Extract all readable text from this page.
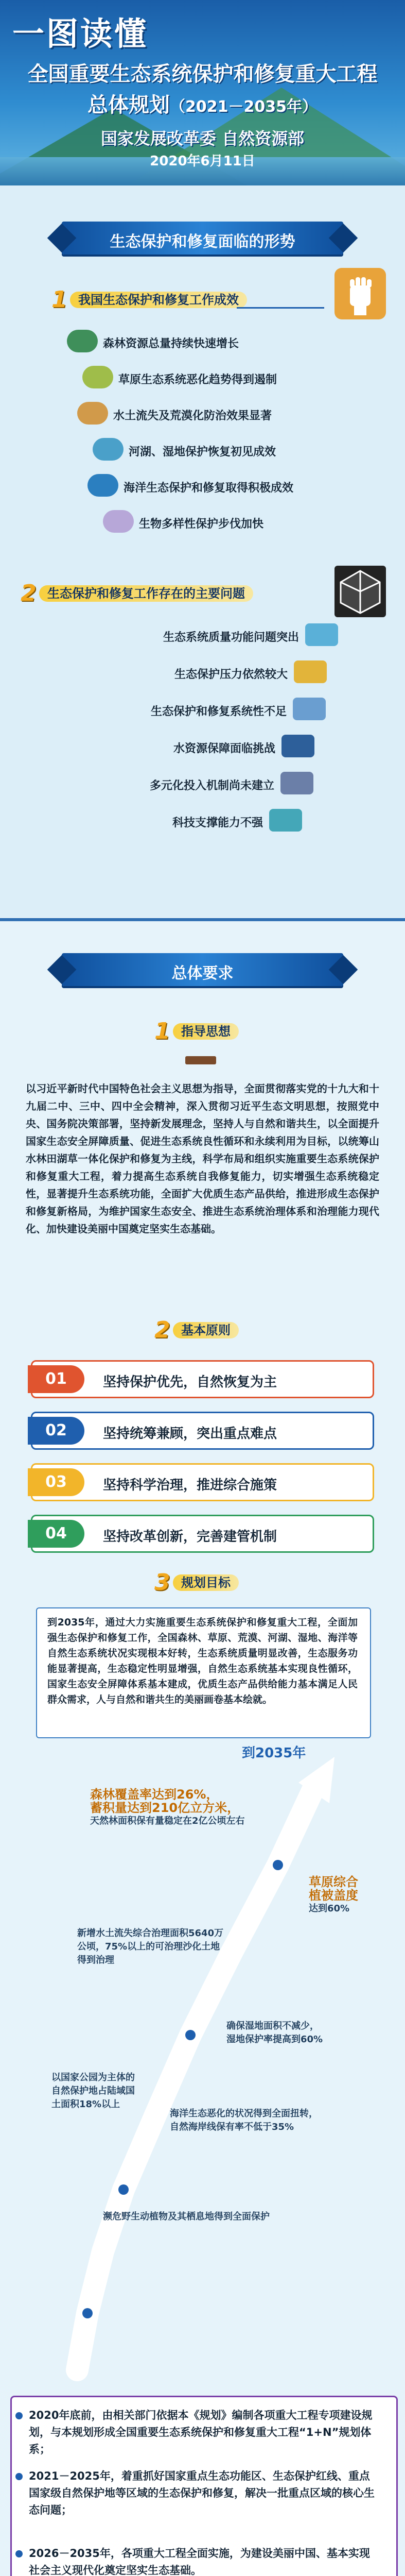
一图读懂
全国重要生态系统保护和修复重大工程
总体规划（2021－2035年）
国家发展改革委 自然资源部
2020年6月11日
生态保护和修复面临的形势
1 我国生态保护和修复工作成效
2 生态保护和修复工作存在的主要问题
总体要求
1 指导思想
以习近平新时代中国特色社会主义思想为指导，全面贯彻落实党的十九大和十九届二中、三中、四中全会精神，深入贯彻习近平生态文明思想，按照党中央、国务院决策部署，坚持新发展理念，坚持人与自然和谐共生，以全面提升国家生态安全屏障质量、促进生态系统良性循环和永续利用为目标，以统筹山水林田湖草一体化保护和修复为主线，科学布局和组织实施重要生态系统保护和修复重大工程，着力提高生态系统自我修复能力，切实增强生态系统稳定性，显著提升生态系统功能，全面扩大优质生态产品供给，推进形成生态保护和修复新格局，为维护国家生态安全、推进生态系统治理体系和治理能力现代化、加快建设美丽中国奠定坚实生态基础。
2 基本原则
3 规划目标
到2035年，通过大力实施重要生态系统保护和修复重大工程，全面加强生态保护和修复工作，全国森林、草原、荒漠、河湖、湿地、海洋等自然生态系统状况实现根本好转，生态系统质量明显改善，生态服务功能显著提高，生态稳定性明显增强，自然生态系统基本实现良性循环，国家生态安全屏障体系基本建成，优质生态产品供给能力基本满足人民群众需求，人与自然和谐共生的美丽画卷基本绘就。
到2035年
森林覆盖率达到26%，
蓄积量达到210亿立方米，
天然林面积保有量稳定在2亿公顷左右
草原综合
植被盖度
达到60%
新增水土流失综合治理面积5640万
公顷，75%以上的可治理沙化土地
得到治理
确保湿地面积不减少，
湿地保护率提高到60%
以国家公园为主体的
自然保护地占陆域国
土面积18%以上
海洋生态恶化的状况得到全面扭转，
自然海岸线保有率不低于35%
濒危野生动植物及其栖息地得到全面保护
森林资源总量持续快速增长
草原生态系统恶化趋势得到遏制
水土流失及荒漠化防治效果显著
河湖、湿地保护恢复初见成效
海洋生态保护和修复取得积极成效
生物多样性保护步伐加快
生态系统质量功能问题突出
生态保护压力依然较大
生态保护和修复系统性不足
水资源保障面临挑战
多元化投入机制尚未建立
科技支撑能力不强
01	坚持保护优先，自然恢复为主
02	坚持统筹兼顾，突出重点难点
03	坚持科学治理，推进综合施策
04	坚持改革创新，完善建管机制
2020年底前，由相关部门依据本《规划》编制各项重大工程专项建设规划，与本规划形成全国重要生态系统保护和修复重大工程“1+N”规划体系；
2021－2025年，着重抓好国家重点生态功能区、生态保护红线、重点国家级自然保护地等区域的生态保护和修复，解决一批重点区域的核心生态问题；
2026－2035年，各项重大工程全面实施，为建设美丽中国、基本实现社会主义现代化奠定坚实生态基础。
